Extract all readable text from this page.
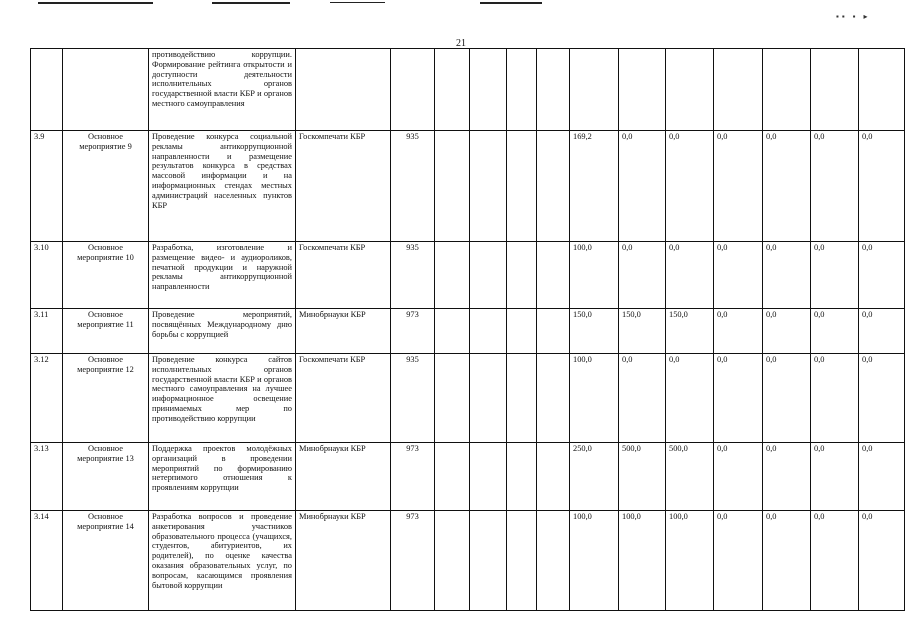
▪▪ ▪ ▸
21
		противодействию коррупции. Формирование рейтинга открытости и доступности деятельности исполнительных органов государственной власти КБР и органов местного самоуправления														
3.9	Основное мероприятие 9	Проведение конкурса социальной рекламы антикоррупционной направленности и размещение результатов конкурса в средствах массовой информации и на информационных стендах местных администраций населенных пунктов КБР	Госкомпечати КБР	935					169,2	0,0	0,0	0,0	0,0	0,0	0,0	
3.10	Основное мероприятие 10	Разработка, изготовление и размещение видео- и аудиороликов, печатной продукции и наружной рекламы антикоррупционной направленности	Госкомпечати КБР	935					100,0	0,0	0,0	0,0	0,0	0,0	0,0	
3.11	Основное мероприятие 11	Проведение мероприятий, посвящённых Международному дню борьбы с коррупцией	Минобрнауки КБР	973					150,0	150,0	150,0	0,0	0,0	0,0	0,0	
3.12	Основное мероприятие 12	Проведение конкурса сайтов исполнительных органов государственной власти КБР и органов местного самоуправления на лучшее информационное освещение принимаемых мер по противодействию коррупции	Госкомпечати КБР	935					100,0	0,0	0,0	0,0	0,0	0,0	0,0	
3.13	Основное мероприятие 13	Поддержка проектов молодёжных организаций в проведении мероприятий по формированию нетерпимого отношения к проявлениям коррупции	Минобрнауки КБР	973					250,0	500,0	500,0	0,0	0,0	0,0	0,0	
3.14	Основное мероприятие 14	Разработка вопросов и проведение анкетирования участников образовательного процесса (учащихся, студентов, абитуриентов, их родителей), по оценке качества оказания образовательных услуг, по вопросам, касающимся проявления бытовой коррупции	Минобрнауки КБР	973					100,0	100,0	100,0	0,0	0,0	0,0	0,0	
